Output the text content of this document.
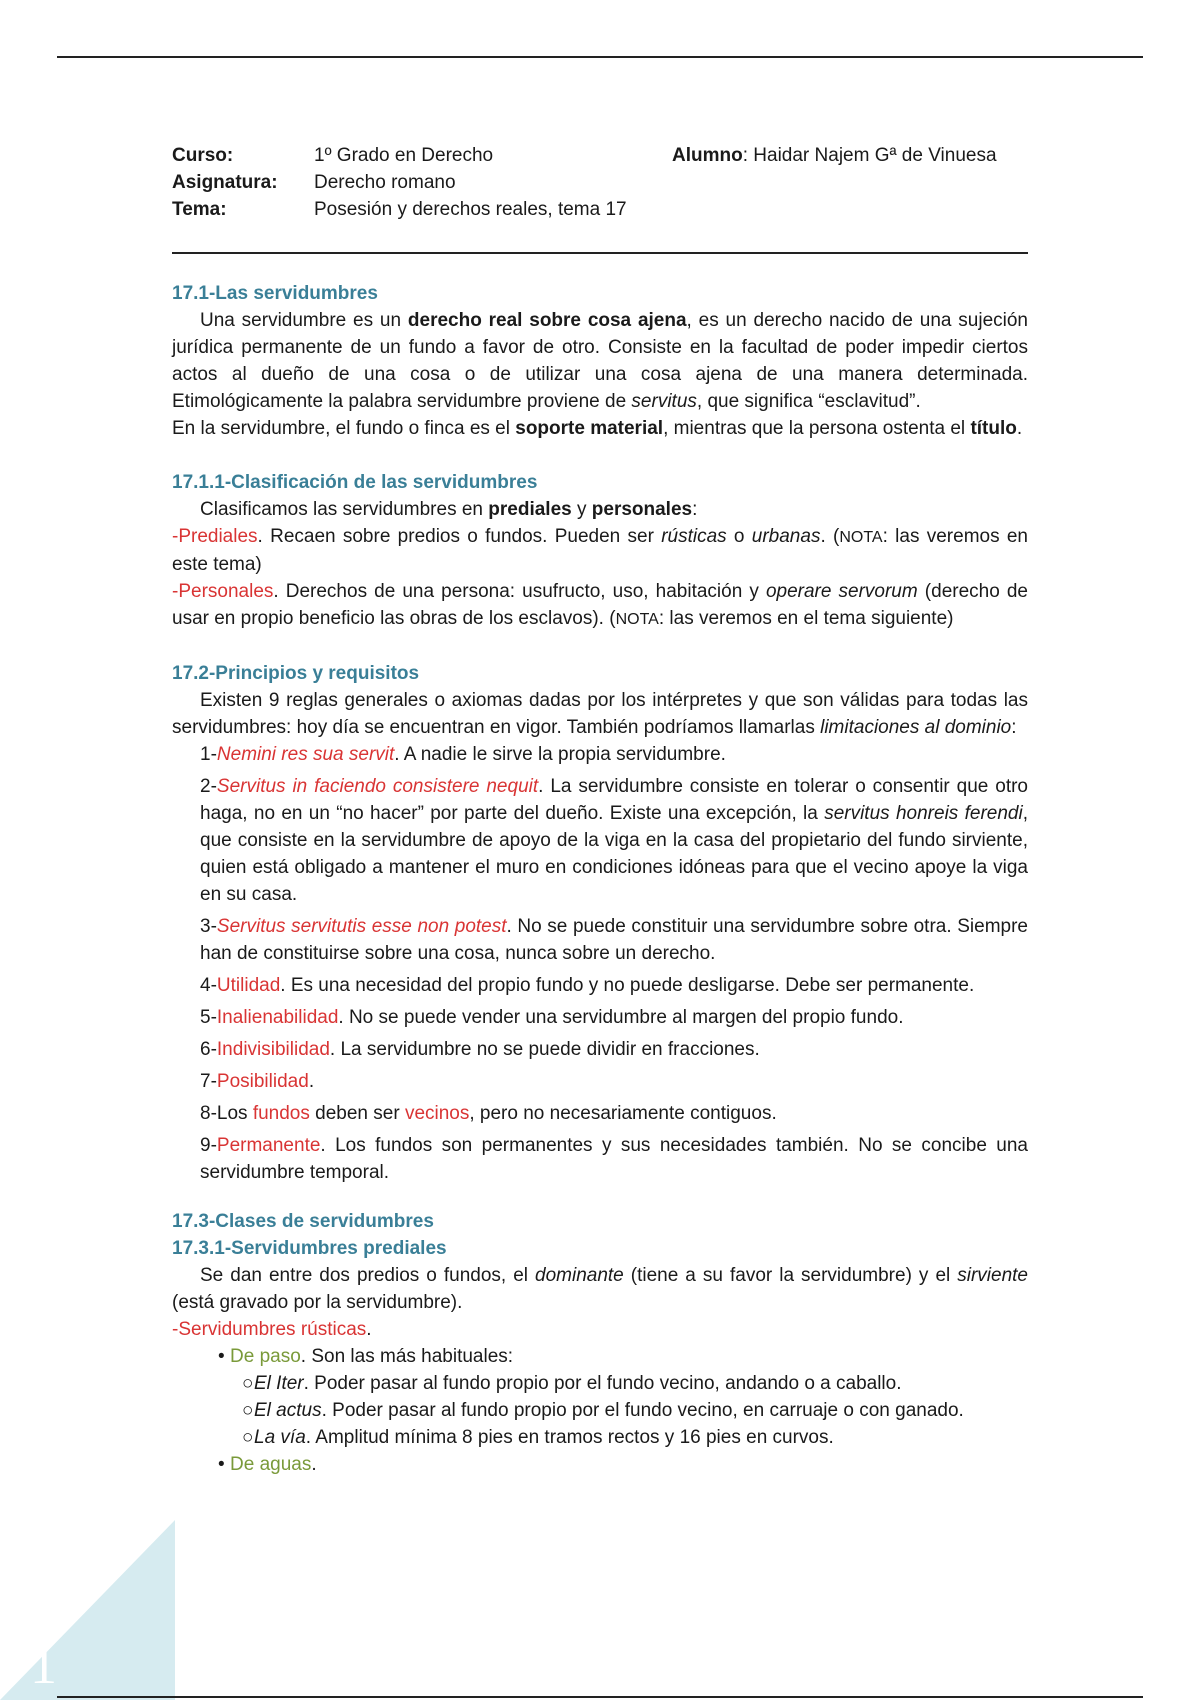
Curso:	1º Grado en Derecho
Asignatura: Derecho romano
Tema:	Posesión y derechos reales, tema 17
Alumno: Haidar Najem Gª de Vinuesa
17.1-Las servidumbres

Una servidumbre es un derecho real sobre cosa ajena, es un derecho nacido de una sujeción jurídica permanente de un fundo a favor de otro. Consiste en la facultad de poder impedir ciertos actos al dueño de una cosa o de utilizar una cosa ajena de una manera determinada. Etimológicamente la palabra servidumbre proviene de servitus, que significa “esclavitud”.

En la servidumbre, el fundo o finca es el soporte material, mientras que la persona ostenta el título.

17.1.1-Clasificación de las servidumbres

Clasificamos las servidumbres en prediales y personales:

-Prediales. Recaen sobre predios o fundos. Pueden ser rústicas o urbanas. (NOTA: las veremos en este tema)

-Personales. Derechos de una persona: usufructo, uso, habitación y operare servorum (derecho de usar en propio beneficio las obras de los esclavos). (NOTA: las veremos en el tema siguiente)

17.2-Principios y requisitos

Existen 9 reglas generales o axiomas dadas por los intérpretes y que son válidas para todas las servidumbres: hoy día se encuentran en vigor. También podríamos llamarlas limitaciones al dominio:

1-Nemini res sua servit. A nadie le sirve la propia servidumbre.

2-Servitus in faciendo consistere nequit. La servidumbre consiste en tolerar o consentir que otro haga, no en un “no hacer” por parte del dueño. Existe una excepción, la servitus honreis ferendi, que consiste en la servidumbre de apoyo de la viga en la casa del propietario del fundo sirviente, quien está obligado a mantener el muro en condiciones idóneas para que el vecino apoye la viga en su casa.

3-Servitus servitutis esse non potest. No se puede constituir una servidumbre sobre otra. Siempre han de constituirse sobre una cosa, nunca sobre un derecho.

4-Utilidad. Es una necesidad del propio fundo y no puede desligarse. Debe ser permanente.

5-Inalienabilidad. No se puede vender una servidumbre al margen del propio fundo.

6-Indivisibilidad. La servidumbre no se puede dividir en fracciones.

7-Posibilidad.

8-Los fundos deben ser vecinos, pero no necesariamente contiguos.

9-Permanente. Los fundos son permanentes y sus necesidades también. No se concibe una servidumbre temporal.

17.3-Clases de servidumbres
17.3.1-Servidumbres prediales

Se dan entre dos predios o fundos, el dominante (tiene a su favor la servidumbre) y el sirviente (está gravado por la servidumbre).

-Servidumbres rústicas.

• De paso. Son las más habituales:

○El Iter. Poder pasar al fundo propio por el fundo vecino, andando o a caballo.

○El actus. Poder pasar al fundo propio por el fundo vecino, en carruaje o con ganado.

○La vía. Amplitud mínima 8 pies en tramos rectos y 16 pies en curvos.

• De aguas.

1
